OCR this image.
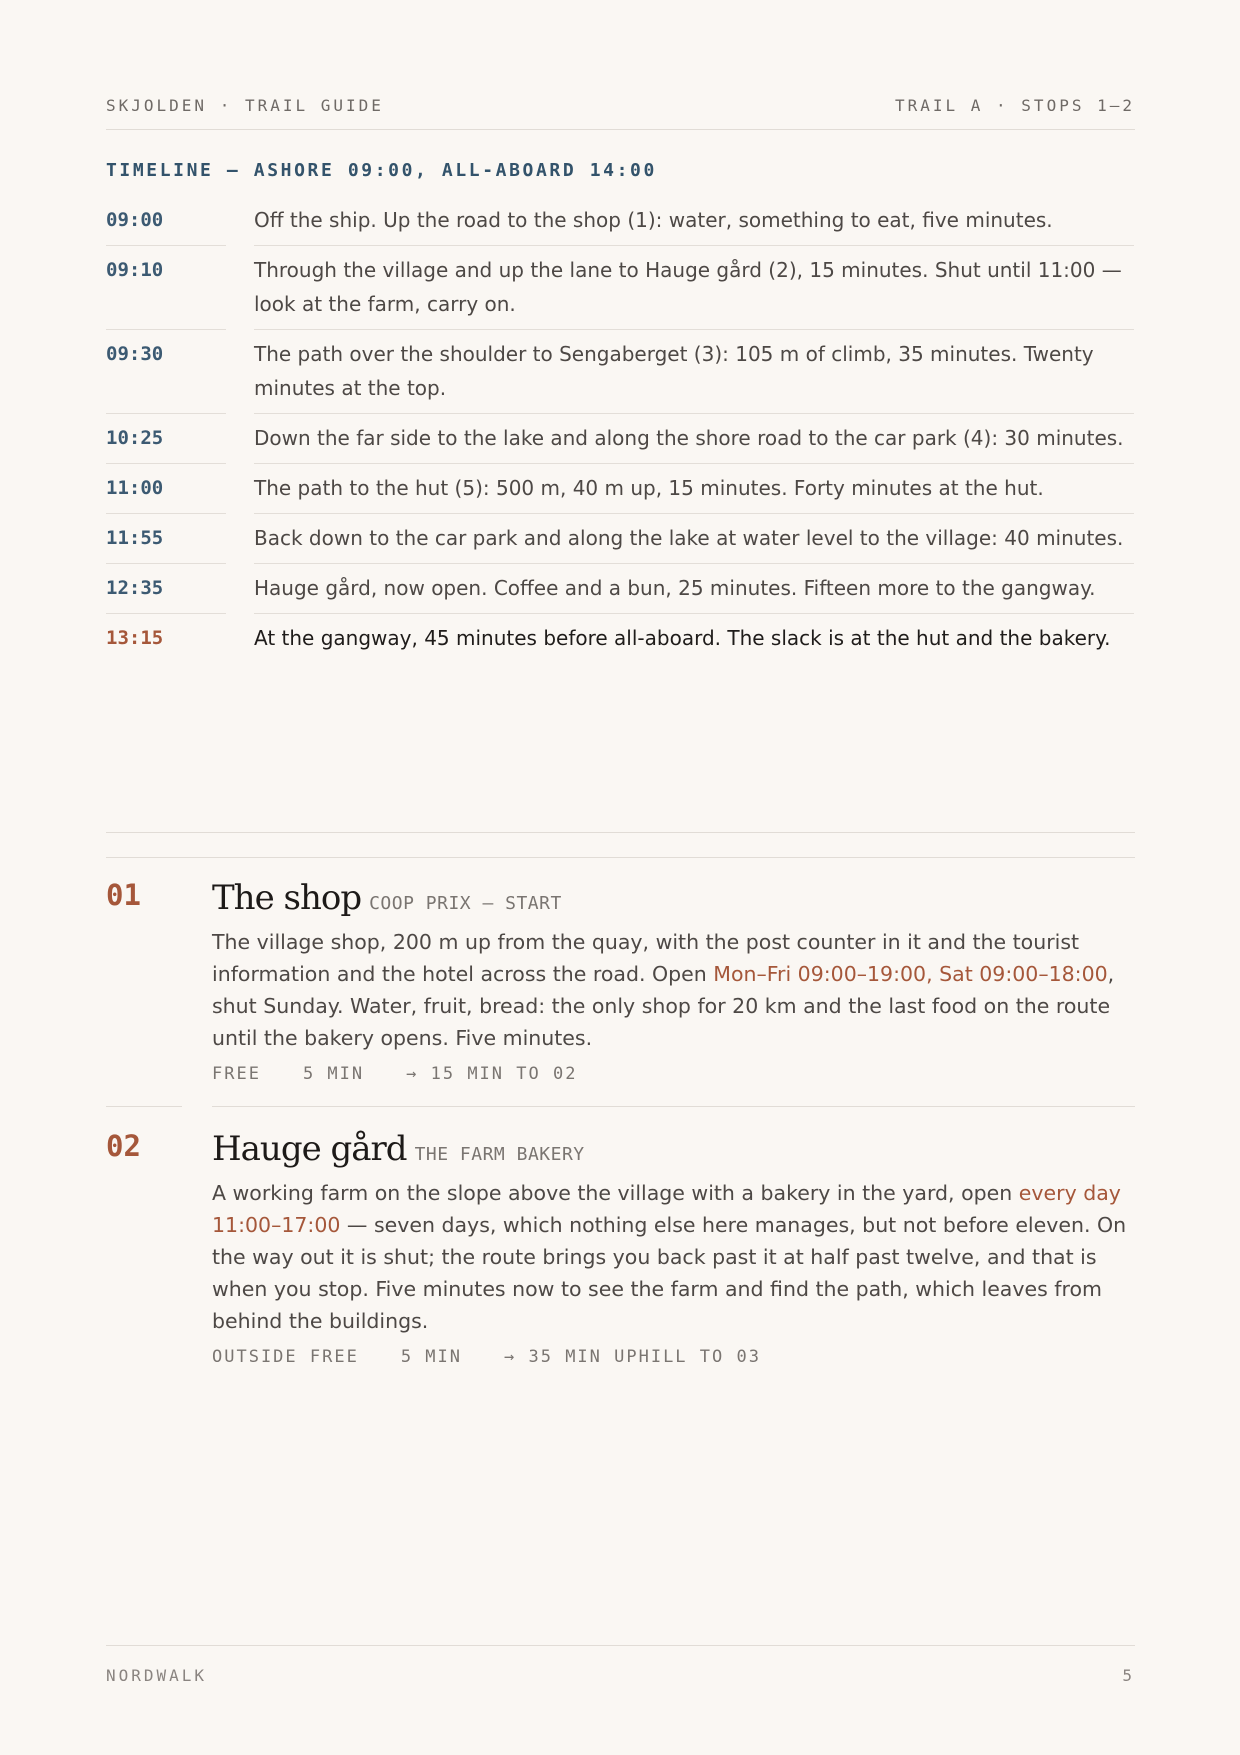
SKJOLDEN · TRAIL GUIDE	TRAIL A · STOPS 1–2
TIMELINE — ASHORE 09:00, ALL-ABOARD 14:00
09:00	Off the ship. Up the road to the shop (1): water, something to eat, five minutes.
09:10	Through the village and up the lane to Hauge gård (2), 15 minutes. Shut until 11:00 — look at the farm, carry on.
09:30	The path over the shoulder to Sengaberget (3): 105 m of climb, 35 minutes. Twenty minutes at the top.
10:25	Down the far side to the lake and along the shore road to the car park (4): 30 minutes.
11:00	The path to the hut (5): 500 m, 40 m up, 15 minutes. Forty minutes at the hut.
11:55	Back down to the car park and along the lake at water level to the village: 40 minutes.
12:35	Hauge gård, now open. Coffee and a bun, 25 minutes. Fifteen more to the gangway.
13:15	At the gangway, 45 minutes before all-aboard. The slack is at the hut and the bakery.
01 The shop COOP PRIX — START
The village shop, 200 m up from the quay, with the post counter in it and the tourist information and the hotel across the road. Open Mon–Fri 09:00–19:00, Sat 09:00–18:00, shut Sunday. Water, fruit, bread: the only shop for 20 km and the last food on the route until the bakery opens. Five minutes.
FREE 5 MIN → 15 MIN TO 02
02 Hauge gård THE FARM BAKERY
A working farm on the slope above the village with a bakery in the yard, open every day 11:00–17:00 — seven days, which nothing else here manages, but not before eleven. On the way out it is shut; the route brings you back past it at half past twelve, and that is when you stop. Five minutes now to see the farm and find the path, which leaves from behind the buildings.
OUTSIDE FREE 5 MIN → 35 MIN UPHILL TO 03
NORDWALK	5
